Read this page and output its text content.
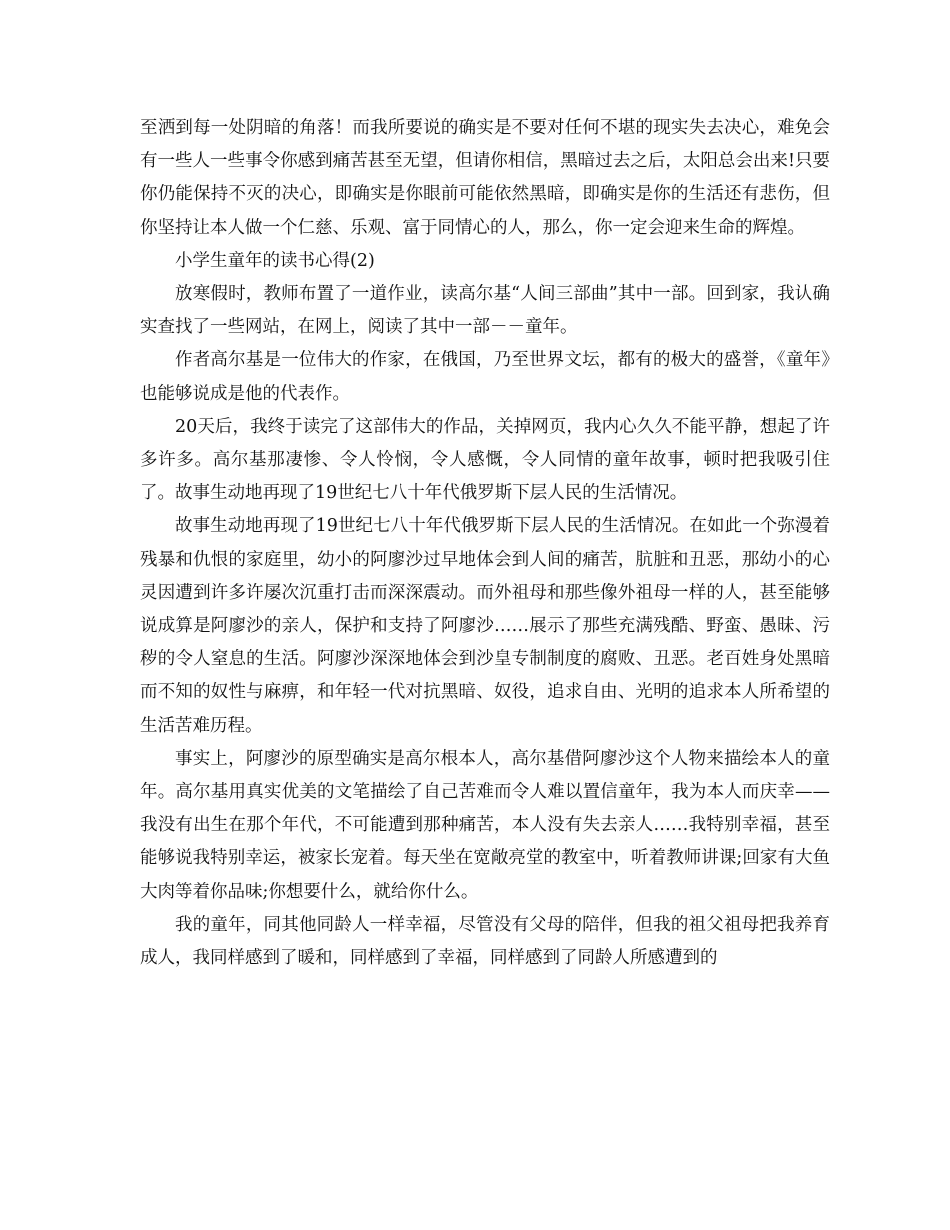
至洒到每一处阴暗的角落！而我所要说的确实是不要对任何不堪的现实失去决心，难免会有一些人一些事令你感到痛苦甚至无望，但请你相信，黑暗过去之后，太阳总会出来!只要你仍能保持不灭的决心，即确实是你眼前可能依然黑暗，即确实是你的生活还有悲伤，但你坚持让本人做一个仁慈、乐观、富于同情心的人，那么，你一定会迎来生命的辉煌。

小学生童年的读书心得(2)

放寒假时，教师布置了一道作业，读高尔基“人间三部曲”其中一部。回到家，我认确实查找了一些网站，在网上，阅读了其中一部－－童年。

作者高尔基是一位伟大的作家，在俄国，乃至世界文坛，都有的极大的盛誉，《童年》也能够说成是他的代表作。

20天后，我终于读完了这部伟大的作品，关掉网页，我内心久久不能平静，想起了许多许多。高尔基那凄惨、令人怜悯，令人感慨，令人同情的童年故事，顿时把我吸引住了。故事生动地再现了19世纪七八十年代俄罗斯下层人民的生活情况。

故事生动地再现了19世纪七八十年代俄罗斯下层人民的生活情况。在如此一个弥漫着残暴和仇恨的家庭里，幼小的阿廖沙过早地体会到人间的痛苦，肮脏和丑恶，那幼小的心灵因遭到许多许屡次沉重打击而深深震动。而外祖母和那些像外祖母一样的人，甚至能够说成算是阿廖沙的亲人，保护和支持了阿廖沙……展示了那些充满残酷、野蛮、愚昧、污秽的令人窒息的生活。阿廖沙深深地体会到沙皇专制制度的腐败、丑恶。老百姓身处黑暗而不知的奴性与麻痹，和年轻一代对抗黑暗、奴役，追求自由、光明的追求本人所希望的生活苦难历程。

事实上，阿廖沙的原型确实是高尔根本人，高尔基借阿廖沙这个人物来描绘本人的童年。高尔基用真实优美的文笔描绘了自己苦难而令人难以置信童年，我为本人而庆幸——我没有出生在那个年代，不可能遭到那种痛苦，本人没有失去亲人……我特别幸福，甚至能够说我特别幸运，被家长宠着。每天坐在宽敞亮堂的教室中，听着教师讲课;回家有大鱼大肉等着你品味;你想要什么，就给你什么。

我的童年，同其他同龄人一样幸福，尽管没有父母的陪伴，但我的祖父祖母把我养育成人，我同样感到了暖和，同样感到了幸福，同样感到了同龄人所感遭到的
